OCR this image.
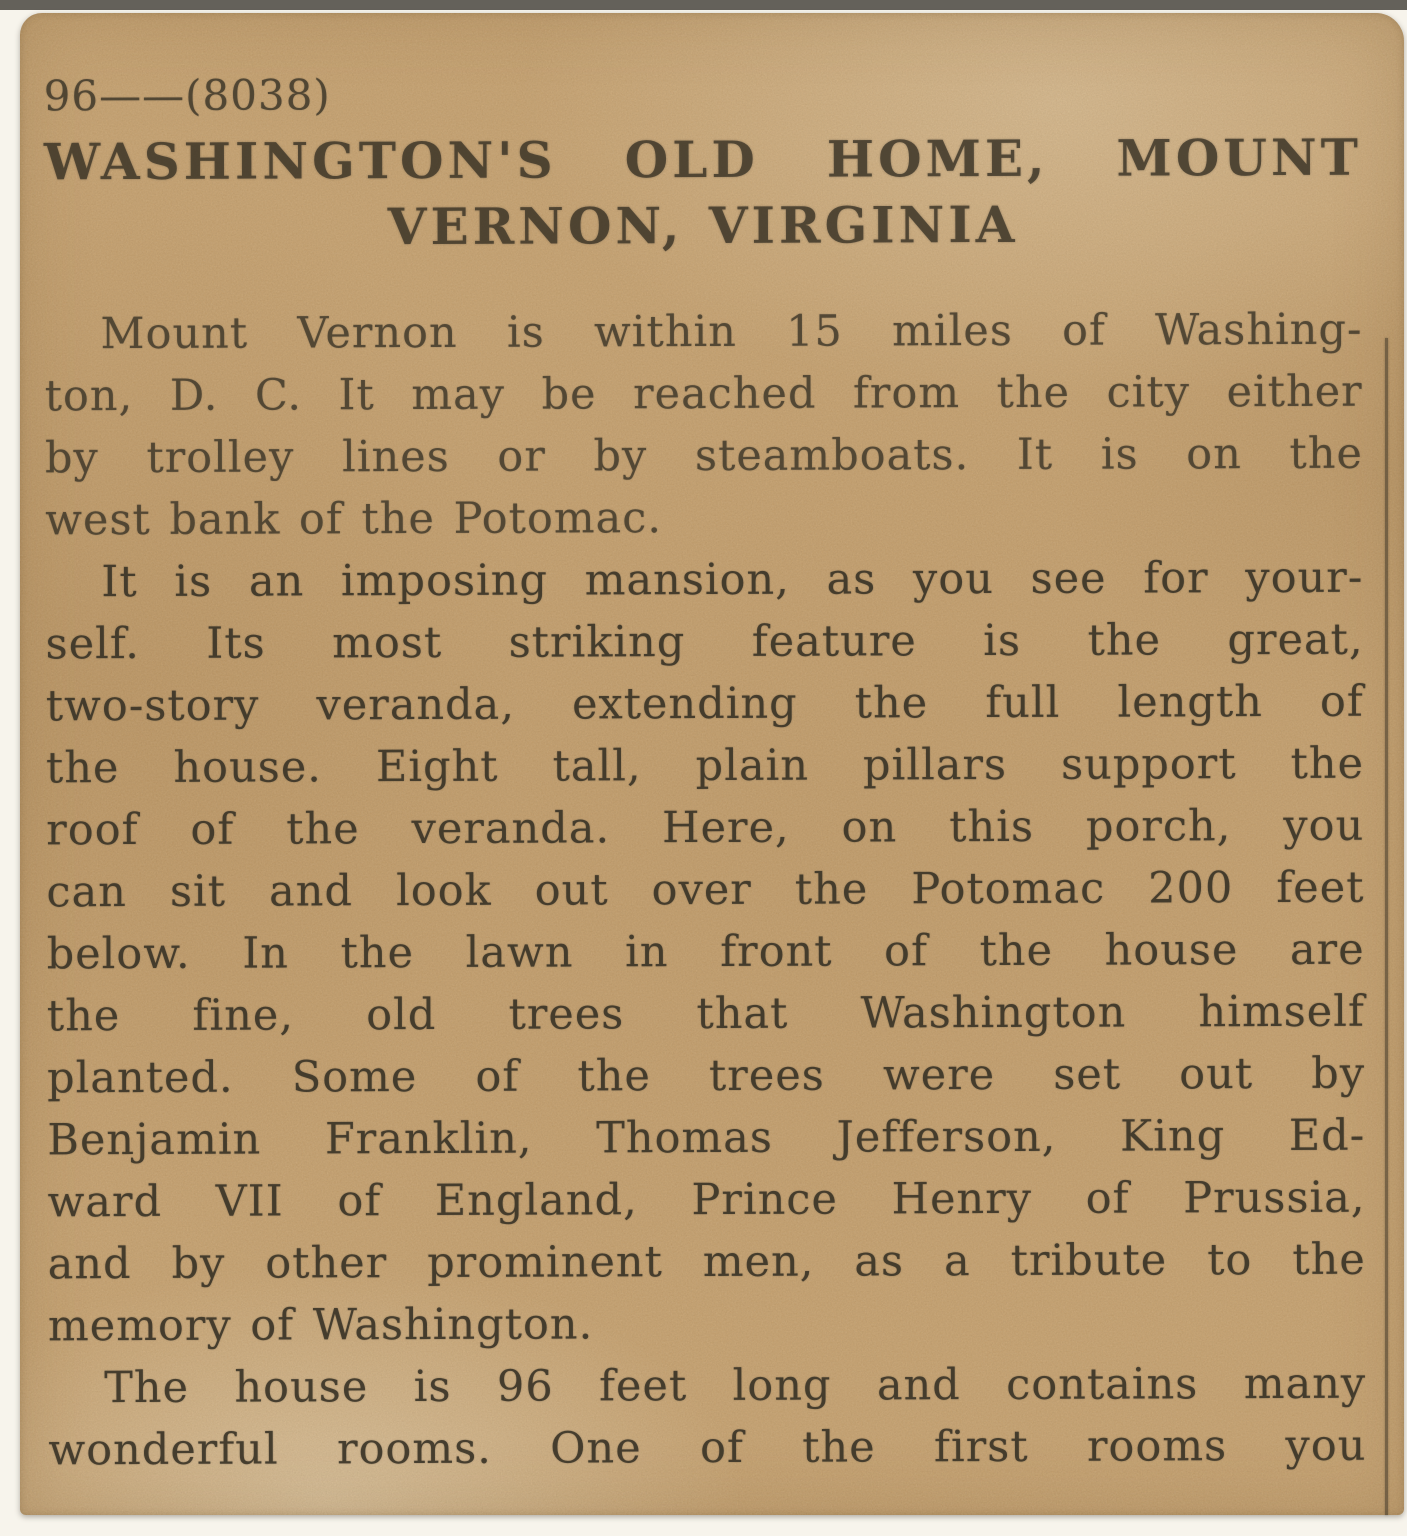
96——(8038)
WASHINGTON'S OLD HOME, MOUNT
VERNON, VIRGINIA
Mount Vernon is within 15 miles of Washing-
ton, D. C. It may be reached from the city either
by trolley lines or by steamboats. It is on the
west bank of the Potomac.
It is an imposing mansion, as you see for your-
self. Its most striking feature is the great,
two-story veranda, extending the full length of
the house. Eight tall, plain pillars support the
roof of the veranda. Here, on this porch, you
can sit and look out over the Potomac 200 feet
below. In the lawn in front of the house are
the fine, old trees that Washington himself
planted. Some of the trees were set out by
Benjamin Franklin, Thomas Jefferson, King Ed-
ward VII of England, Prince Henry of Prussia,
and by other prominent men, as a tribute to the
memory of Washington.
The house is 96 feet long and contains many
wonderful rooms. One of the first rooms you
